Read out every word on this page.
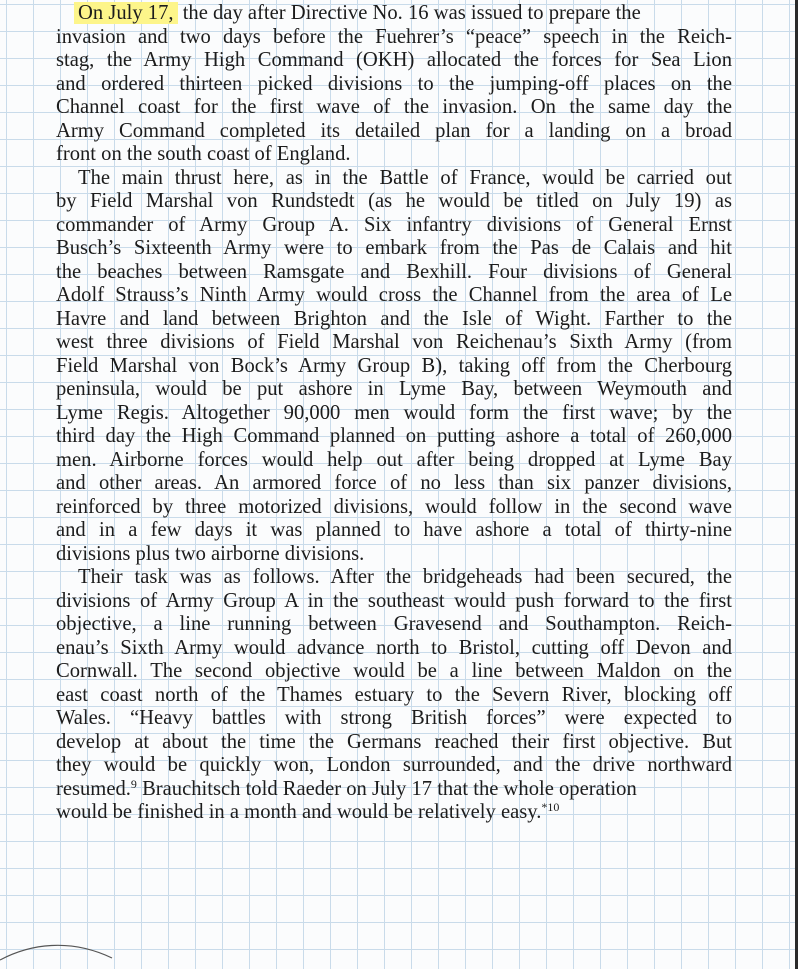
On July 17, the day after Directive No. 16 was issued to prepare the
invasion and two days before the Fuehrer’s “peace” speech in the Reich-
stag, the Army High Command (OKH) allocated the forces for Sea Lion
and ordered thirteen picked divisions to the jumping-off places on the
Channel coast for the first wave of the invasion. On the same day the
Army Command completed its detailed plan for a landing on a broad
front on the south coast of England.

The main thrust here, as in the Battle of France, would be carried out
by Field Marshal von Rundstedt (as he would be titled on July 19) as
commander of Army Group A. Six infantry divisions of General Ernst
Busch’s Sixteenth Army were to embark from the Pas de Calais and hit
the beaches between Ramsgate and Bexhill. Four divisions of General
Adolf Strauss’s Ninth Army would cross the Channel from the area of Le
Havre and land between Brighton and the Isle of Wight. Farther to the
west three divisions of Field Marshal von Reichenau’s Sixth Army (from
Field Marshal von Bock’s Army Group B), taking off from the Cherbourg
peninsula, would be put ashore in Lyme Bay, between Weymouth and
Lyme Regis. Altogether 90,000 men would form the first wave; by the
third day the High Command planned on putting ashore a total of 260,000
men. Airborne forces would help out after being dropped at Lyme Bay
and other areas. An armored force of no less than six panzer divisions,
reinforced by three motorized divisions, would follow in the second wave
and in a few days it was planned to have ashore a total of thirty-nine
divisions plus two airborne divisions.

Their task was as follows. After the bridgeheads had been secured, the
divisions of Army Group A in the southeast would push forward to the first
objective, a line running between Gravesend and Southampton. Reich-
enau’s Sixth Army would advance north to Bristol, cutting off Devon and
Cornwall. The second objective would be a line between Maldon on the
east coast north of the Thames estuary to the Severn River, blocking off
Wales. “Heavy battles with strong British forces” were expected to
develop at about the time the Germans reached their first objective. But
they would be quickly won, London surrounded, and the drive northward
resumed.$^9$ Brauchitsch told Raeder on July 17 that the whole operation
would be finished in a month and would be relatively easy.$^{*10}$
